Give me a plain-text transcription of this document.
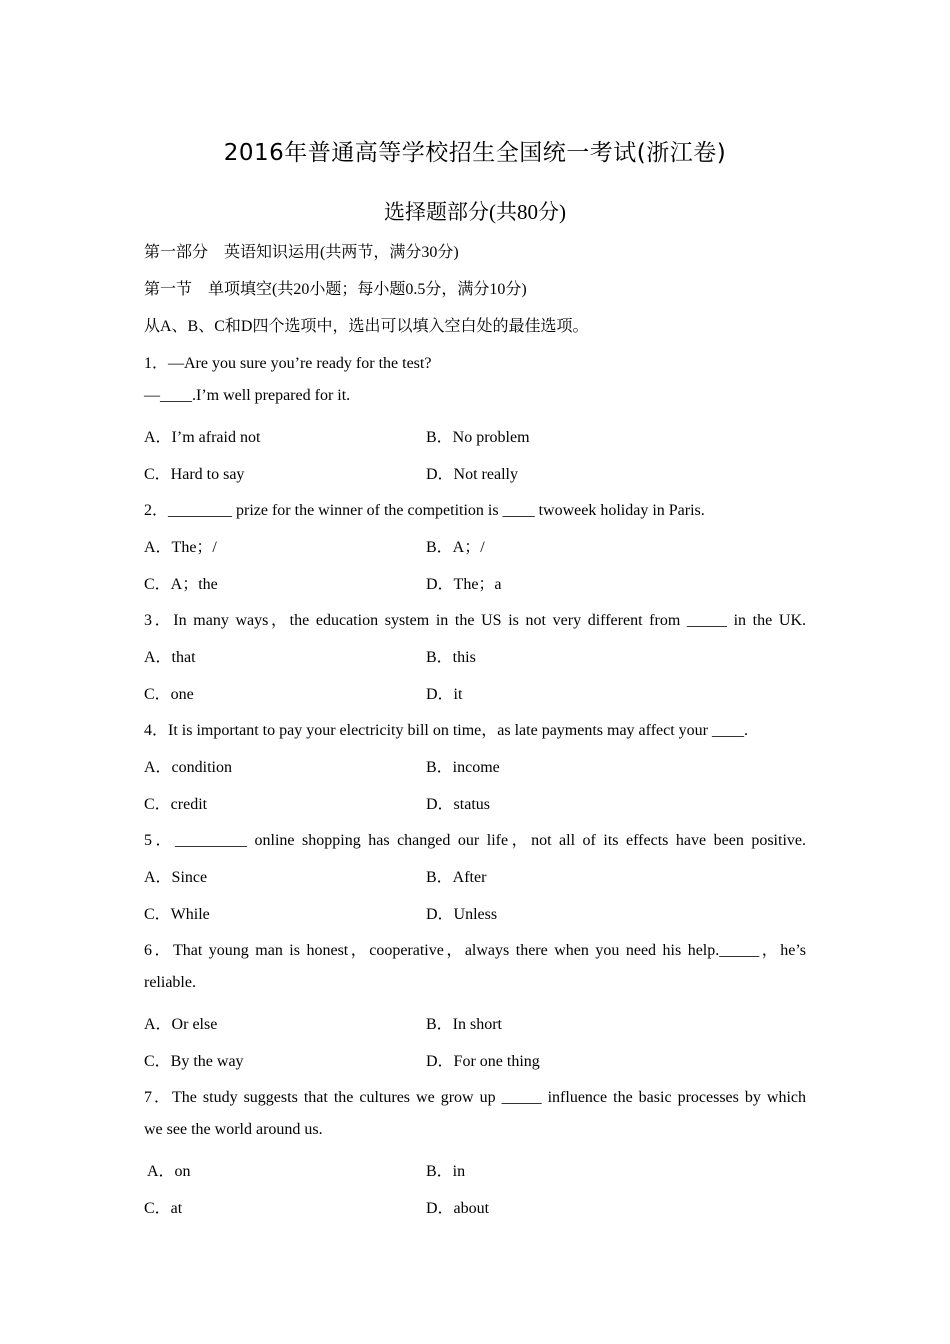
2016年普通高等学校招生全国统一考试(浙江卷)
选择题部分(共80分)
第一部分　英语知识运用(共两节，满分30分)
第一节　单项填空(共20小题；每小题0.5分，满分10分)
从A、B、C和D四个选项中，选出可以填入空白处的最佳选项。
1．—Are you sure you’re ready for the test?
—____.I’m well prepared for it.
A．I’m afraid not	B．No problem
C．Hard to say	D．Not really
2．________ prize for the winner of the competition is ____ twoweek holiday in Paris.
A．The；/	B．A；/
C．A；the	D．The；a
3．In many ways，the education system in the US is not very different from _____ in the UK.
A．that	B．this
C．one	D．it
4．It is important to pay your electricity bill on time，as late payments may affect your ____.
A．condition	B．income
C．credit	D．status
5．_________ online shopping has changed our life，not all of its effects have been positive.
A．Since	B．After
C．While	D．Unless
6．That young man is honest，cooperative，always there when you need his help._____，he’s
reliable.
A．Or else	B．In short
C．By the way	D．For one thing
7．The study suggests that the cultures we grow up _____ influence the basic processes by which
we see the world around us.
A．on	B．in
C．at	D．about
